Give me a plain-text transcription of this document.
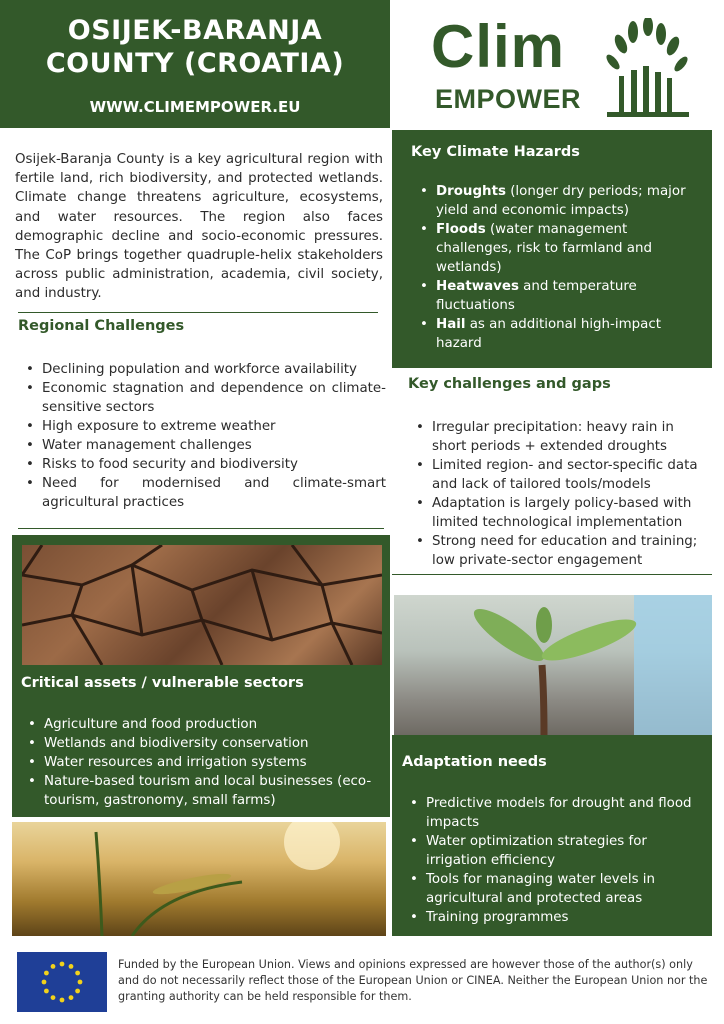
OSIJEK-BARANJA
COUNTY (CROATIA)
WWW.CLIMEMPOWER.EU
Clim
EMPOWER
Osijek-Baranja County is a key agricultural region with fertile land, rich biodiversity, and protected wetlands. Climate change threatens agriculture, ecosystems, and water resources. The region also faces demographic decline and socio-economic pressures. The CoP brings together quadruple-helix stakeholders across public administration, academia, civil society, and industry.
Regional Challenges
• Declining population and workforce availability
• Economic stagnation and dependence on climate-sensitive sectors
• High exposure to extreme weather
• Water management challenges
• Risks to food security and biodiversity
• Need for modernised and climate-smart agricultural practices
Key Climate Hazards
• Droughts (longer dry periods; major yield and economic impacts)
• Floods (water management challenges, risk to farmland and wetlands)
• Heatwaves and temperature fluctuations
• Hail as an additional high-impact hazard
Key challenges and gaps
• Irregular precipitation: heavy rain in short periods + extended droughts
• Limited region- and sector-specific data and lack of tailored tools/models
• Adaptation is largely policy-based with limited technological implementation
• Strong need for education and training; low private-sector engagement
Critical assets / vulnerable sectors
• Agriculture and food production
• Wetlands and biodiversity conservation
• Water resources and irrigation systems
• Nature-based tourism and local businesses (eco-tourism, gastronomy, small farms)
Adaptation needs
• Predictive models for drought and flood impacts
• Water optimization strategies for irrigation efficiency
• Tools for managing water levels in agricultural and protected areas
• Training programmes
Funded by the European Union. Views and opinions expressed are however those of the author(s) only and do not necessarily reflect those of the European Union or CINEA. Neither the European Union nor the granting authority can be held responsible for them.
